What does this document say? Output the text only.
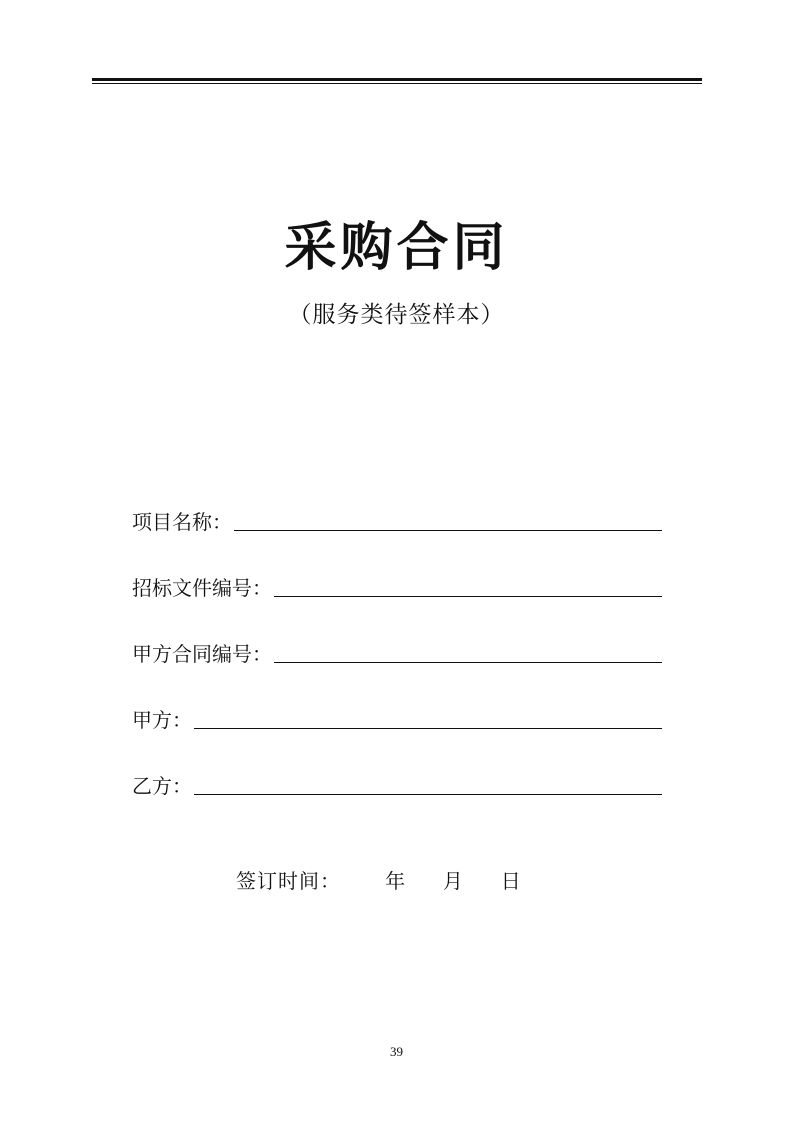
采购合同
（服务类待签样本）
项目名称：
招标文件编号：
甲方合同编号：
甲方：
乙方：
签订时间：      年     月     日
39
